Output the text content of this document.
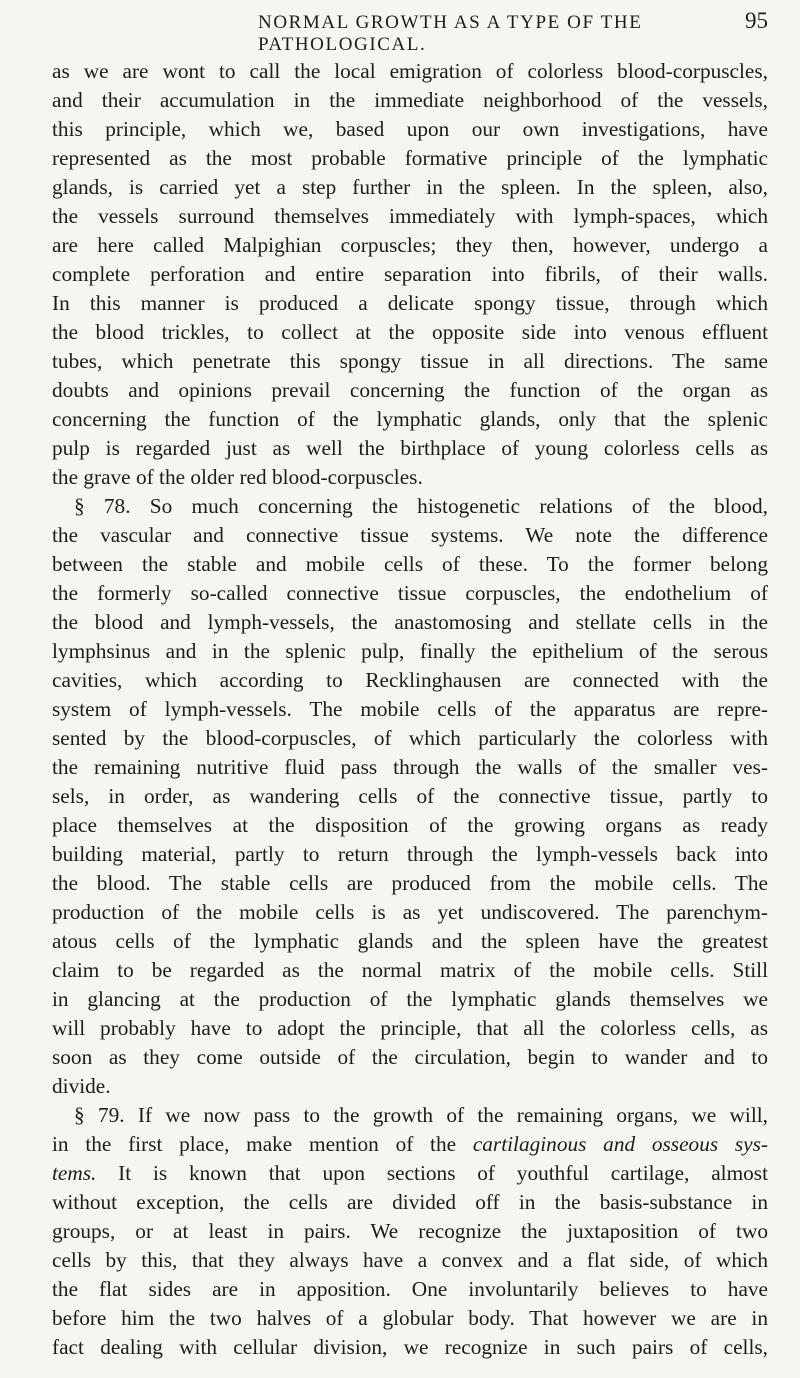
NORMAL GROWTH AS A TYPE OF THE PATHOLOGICAL.
95
as we are wont to call the local emigration of colorless blood-corpuscles,
and their accumulation in the immediate neighborhood of the vessels,
this principle, which we, based upon our own investigations, have
represented as the most probable formative principle of the lymphatic
glands, is carried yet a step further in the spleen. In the spleen, also,
the vessels surround themselves immediately with lymph-spaces, which
are here called Malpighian corpuscles; they then, however, undergo a
complete perforation and entire separation into fibrils, of their walls.
In this manner is produced a delicate spongy tissue, through which
the blood trickles, to collect at the opposite side into venous effluent
tubes, which penetrate this spongy tissue in all directions. The same
doubts and opinions prevail concerning the function of the organ as
concerning the function of the lymphatic glands, only that the splenic
pulp is regarded just as well the birthplace of young colorless cells as
the grave of the older red blood-corpuscles.
§ 78. So much concerning the histogenetic relations of the blood,
the vascular and connective tissue systems. We note the difference
between the stable and mobile cells of these. To the former belong
the formerly so-called connective tissue corpuscles, the endothelium of
the blood and lymph-vessels, the anastomosing and stellate cells in the
lymphsinus and in the splenic pulp, finally the epithelium of the serous
cavities, which according to Recklinghausen are connected with the
system of lymph-vessels. The mobile cells of the apparatus are repre-
sented by the blood-corpuscles, of which particularly the colorless with
the remaining nutritive fluid pass through the walls of the smaller ves-
sels, in order, as wandering cells of the connective tissue, partly to
place themselves at the disposition of the growing organs as ready
building material, partly to return through the lymph-vessels back into
the blood. The stable cells are produced from the mobile cells. The
production of the mobile cells is as yet undiscovered. The parenchym-
atous cells of the lymphatic glands and the spleen have the greatest
claim to be regarded as the normal matrix of the mobile cells. Still
in glancing at the production of the lymphatic glands themselves we
will probably have to adopt the principle, that all the colorless cells, as
soon as they come outside of the circulation, begin to wander and to
divide.
§ 79. If we now pass to the growth of the remaining organs, we will,
in the first place, make mention of the cartilaginous and osseous sys-
tems. It is known that upon sections of youthful cartilage, almost
without exception, the cells are divided off in the basis-substance in
groups, or at least in pairs. We recognize the juxtaposition of two
cells by this, that they always have a convex and a flat side, of which
the flat sides are in apposition. One involuntarily believes to have
before him the two halves of a globular body. That however we are in
fact dealing with cellular division, we recognize in such pairs of cells,
